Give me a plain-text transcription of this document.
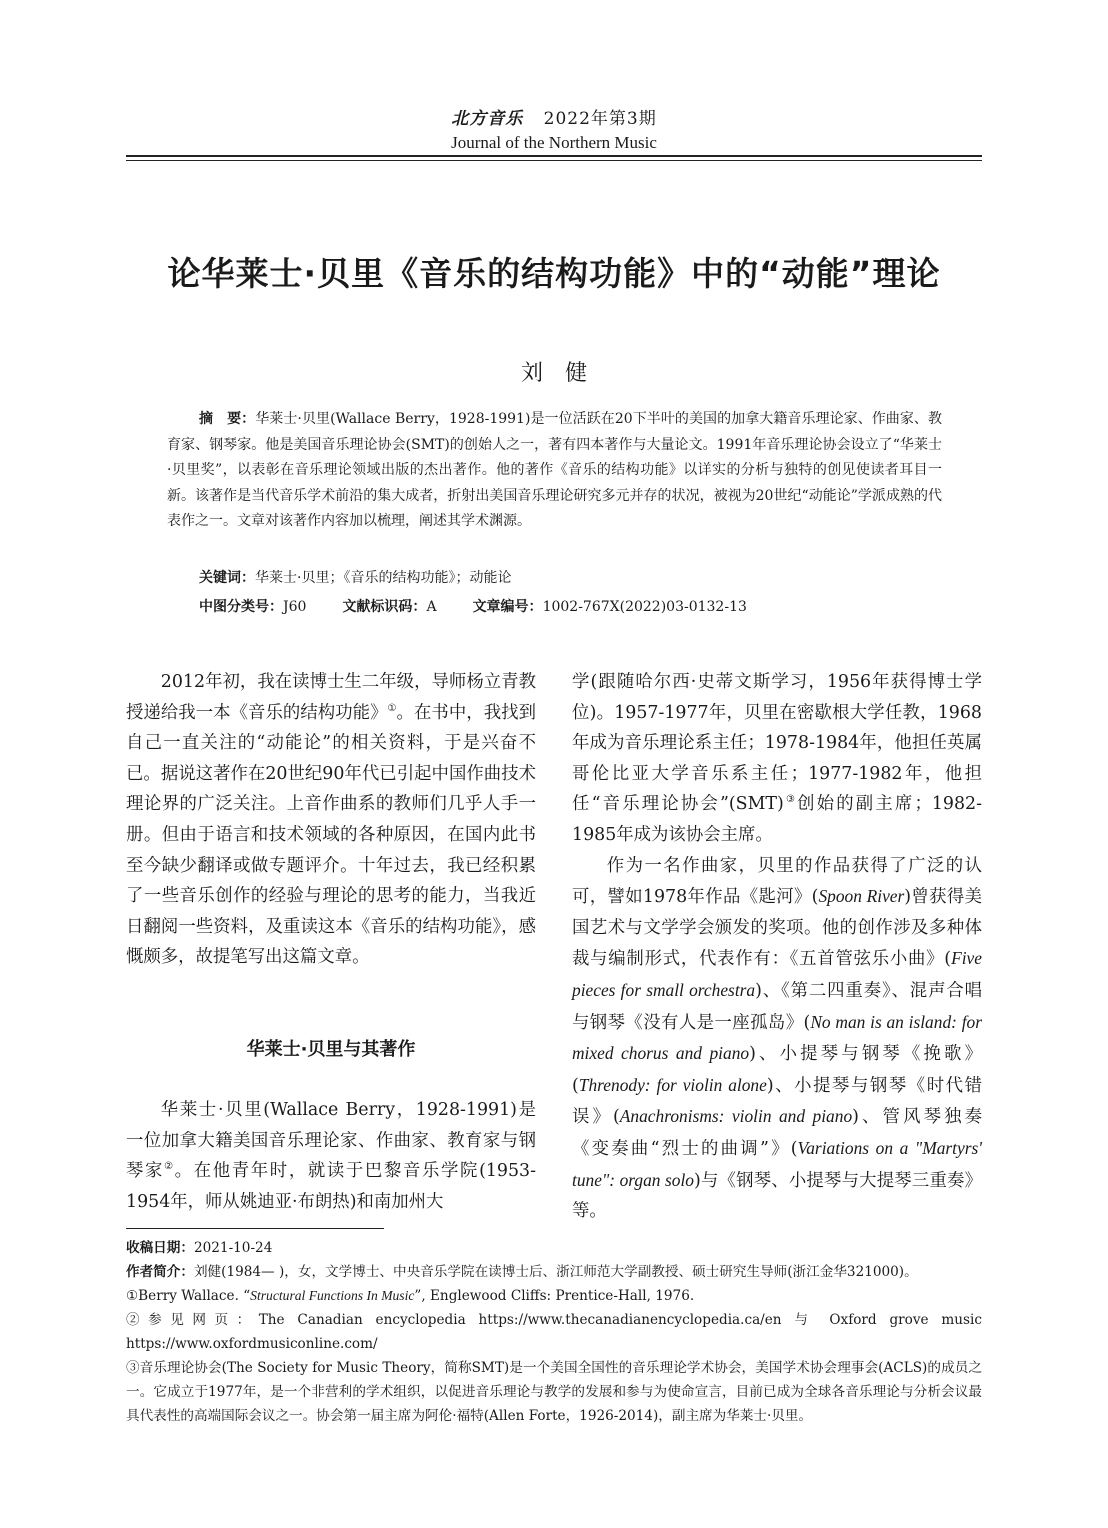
北方音乐 2022年第3期
Journal of the Northern Music
论华莱士·贝里《音乐的结构功能》中的“动能”理论
刘健
摘　要：华莱士·贝里(Wallace Berry，1928-1991)是一位活跃在20下半叶的美国的加拿大籍音乐理论家、作曲家、教育家、钢琴家。他是美国音乐理论协会(SMT)的创始人之一，著有四本著作与大量论文。1991年音乐理论协会设立了“华莱士·贝里奖”，以表彰在音乐理论领域出版的杰出著作。他的著作《音乐的结构功能》以详实的分析与独特的创见使读者耳目一新。该著作是当代音乐学术前沿的集大成者，折射出美国音乐理论研究多元并存的状况，被视为20世纪“动能论”学派成熟的代表作之一。文章对该著作内容加以梳理，阐述其学术渊源。
关键词：华莱士·贝里；《音乐的结构功能》；动能论
中图分类号：J60	文献标识码：A	文章编号：1002-767X(2022)03-0132-13

2012年初，我在读博士生二年级，导师杨立青教授递给我一本《音乐的结构功能》①。在书中，我找到自己一直关注的“动能论”的相关资料，于是兴奋不已。据说这著作在20世纪90年代已引起中国作曲技术理论界的广泛关注。上音作曲系的教师们几乎人手一册。但由于语言和技术领域的各种原因，在国内此书至今缺少翻译或做专题评介。十年过去，我已经积累了一些音乐创作的经验与理论的思考的能力，当我近日翻阅一些资料，及重读这本《音乐的结构功能》，感慨颇多，故提笔写出这篇文章。

华莱士·贝里与其著作

华莱士·贝里(Wallace Berry，1928-1991)是一位加拿大籍美国音乐理论家、作曲家、教育家与钢琴家②。在他青年时，就读于巴黎音乐学院(1953-1954年，师从姚迪亚·布朗热)和南加州大

学(跟随哈尔西·史蒂文斯学习，1956年获得博士学位)。1957-1977年，贝里在密歇根大学任教，1968年成为音乐理论系主任；1978-1984年，他担任英属哥伦比亚大学音乐系主任；1977-1982年，他担任“音乐理论协会”(SMT)③创始的副主席；1982-1985年成为该协会主席。

作为一名作曲家，贝里的作品获得了广泛的认可，譬如1978年作品《匙河》(Spoon River)曾获得美国艺术与文学学会颁发的奖项。他的创作涉及多种体裁与编制形式，代表作有：《五首管弦乐小曲》(Five pieces for small orchestra)、《第二四重奏》、混声合唱与钢琴《没有人是一座孤岛》(No man is an island: for mixed chorus and piano)、小提琴与钢琴《挽歌》(Threnody: for violin alone)、小提琴与钢琴《时代错误》(Anachronisms: violin and piano)、管风琴独奏《变奏曲“烈士的曲调”》(Variations on a "Martyrs' tune": organ solo)与《钢琴、小提琴与大提琴三重奏》等。

收稿日期：2021-10-24

作者简介：刘健(1984— )，女，文学博士、中央音乐学院在读博士后、浙江师范大学副教授、硕士研究生导师(浙江金华321000)。

①Berry Wallace. “Structural Functions In Music”, Englewood Cliffs: Prentice-Hall, 1976.

②参见网页：The Canadian encyclopedia https://www.thecanadianencyclopedia.ca/en 与 Oxford grove music https://www.oxfordmusiconline.com/

③音乐理论协会(The Society for Music Theory，简称SMT)是一个美国全国性的音乐理论学术协会，美国学术协会理事会(ACLS)的成员之一。它成立于1977年，是一个非营利的学术组织，以促进音乐理论与教学的发展和参与为使命宣言，目前已成为全球各音乐理论与分析会议最具代表性的高端国际会议之一。协会第一届主席为阿伦·福特(Allen Forte，1926-2014)，副主席为华莱士·贝里。
